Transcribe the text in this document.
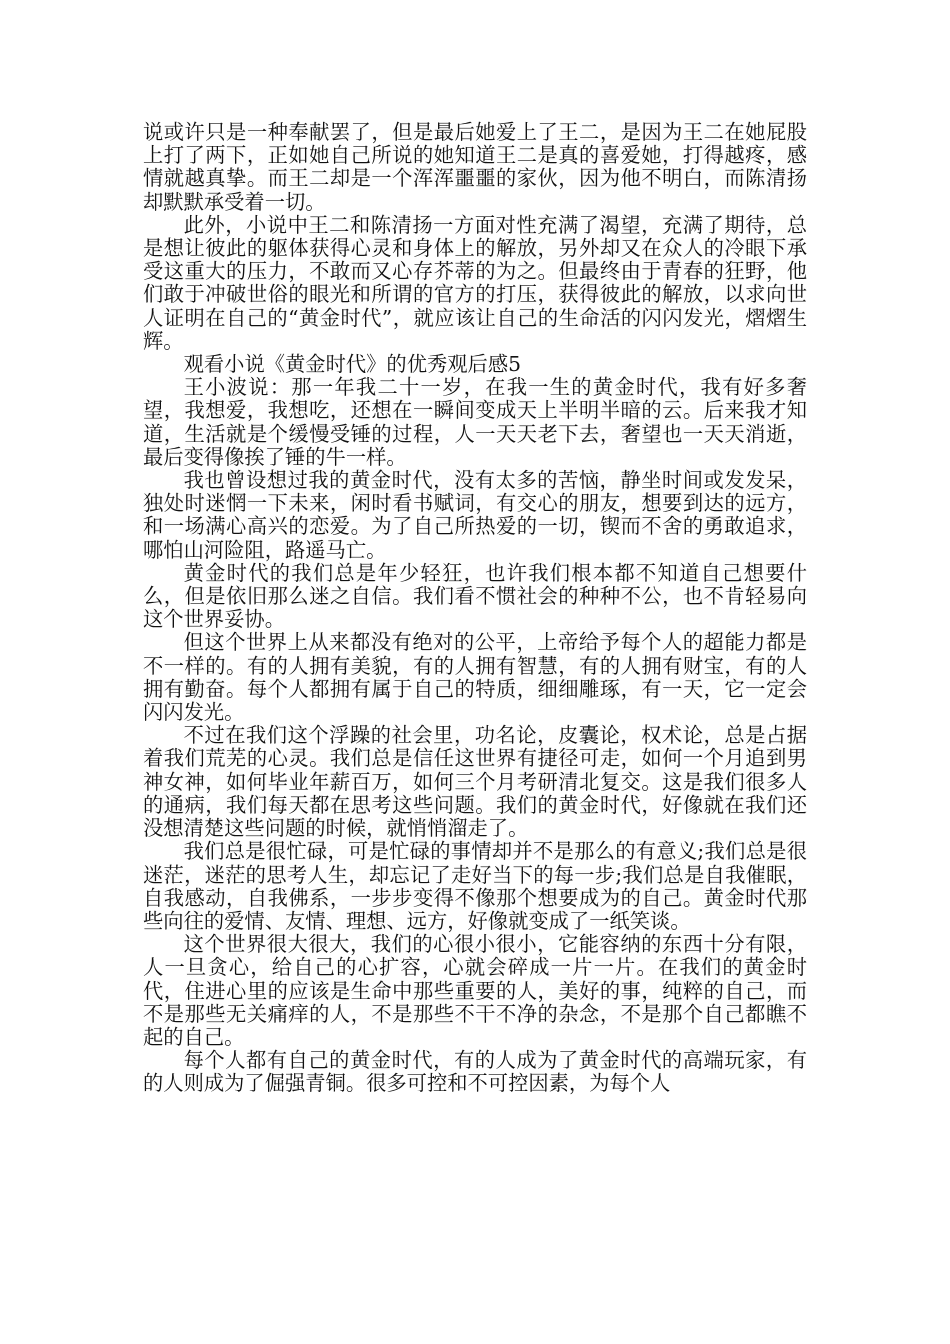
说或许只是一种奉献罢了，但是最后她爱上了王二，是因为王二在她屁股上打了两下，正如她自己所说的她知道王二是真的喜爱她，打得越疼，感情就越真挚。而王二却是一个浑浑噩噩的家伙，因为他不明白，而陈清扬却默默承受着一切。

此外，小说中王二和陈清扬一方面对性充满了渴望，充满了期待，总是想让彼此的躯体获得心灵和身体上的解放，另外却又在众人的冷眼下承受这重大的压力，不敢而又心存芥蒂的为之。但最终由于青春的狂野，他们敢于冲破世俗的眼光和所谓的官方的打压，获得彼此的解放，以求向世人证明在自己的“黄金时代”，就应该让自己的生命活的闪闪发光，熠熠生辉。

观看小说《黄金时代》的优秀观后感5

王小波说：那一年我二十一岁，在我一生的黄金时代，我有好多奢望，我想爱，我想吃，还想在一瞬间变成天上半明半暗的云。后来我才知道，生活就是个缓慢受锤的过程，人一天天老下去，奢望也一天天消逝，最后变得像挨了锤的牛一样。

我也曾设想过我的黄金时代，没有太多的苦恼，静坐时间或发发呆，独处时迷惘一下未来，闲时看书赋词，有交心的朋友，想要到达的远方，和一场满心高兴的恋爱。为了自己所热爱的一切，锲而不舍的勇敢追求，哪怕山河险阻，路遥马亡。

黄金时代的我们总是年少轻狂，也许我们根本都不知道自己想要什么，但是依旧那么迷之自信。我们看不惯社会的种种不公，也不肯轻易向这个世界妥协。

但这个世界上从来都没有绝对的公平，上帝给予每个人的超能力都是不一样的。有的人拥有美貌，有的人拥有智慧，有的人拥有财宝，有的人拥有勤奋。每个人都拥有属于自己的特质，细细雕琢，有一天，它一定会闪闪发光。

不过在我们这个浮躁的社会里，功名论，皮囊论，权术论，总是占据着我们荒芜的心灵。我们总是信任这世界有捷径可走，如何一个月追到男神女神，如何毕业年薪百万，如何三个月考研清北复交。这是我们很多人的通病，我们每天都在思考这些问题。我们的黄金时代，好像就在我们还没想清楚这些问题的时候，就悄悄溜走了。

我们总是很忙碌，可是忙碌的事情却并不是那么的有意义;我们总是很迷茫，迷茫的思考人生，却忘记了走好当下的每一步;我们总是自我催眠，自我感动，自我佛系，一步步变得不像那个想要成为的自己。黄金时代那些向往的爱情、友情、理想、远方，好像就变成了一纸笑谈。

这个世界很大很大，我们的心很小很小，它能容纳的东西十分有限，人一旦贪心，给自己的心扩容，心就会碎成一片一片。在我们的黄金时代，住进心里的应该是生命中那些重要的人，美好的事，纯粹的自己，而不是那些无关痛痒的人，不是那些不干不净的杂念，不是那个自己都瞧不起的自己。

每个人都有自己的黄金时代，有的人成为了黄金时代的高端玩家，有的人则成为了倔强青铜。很多可控和不可控因素，为每个人
